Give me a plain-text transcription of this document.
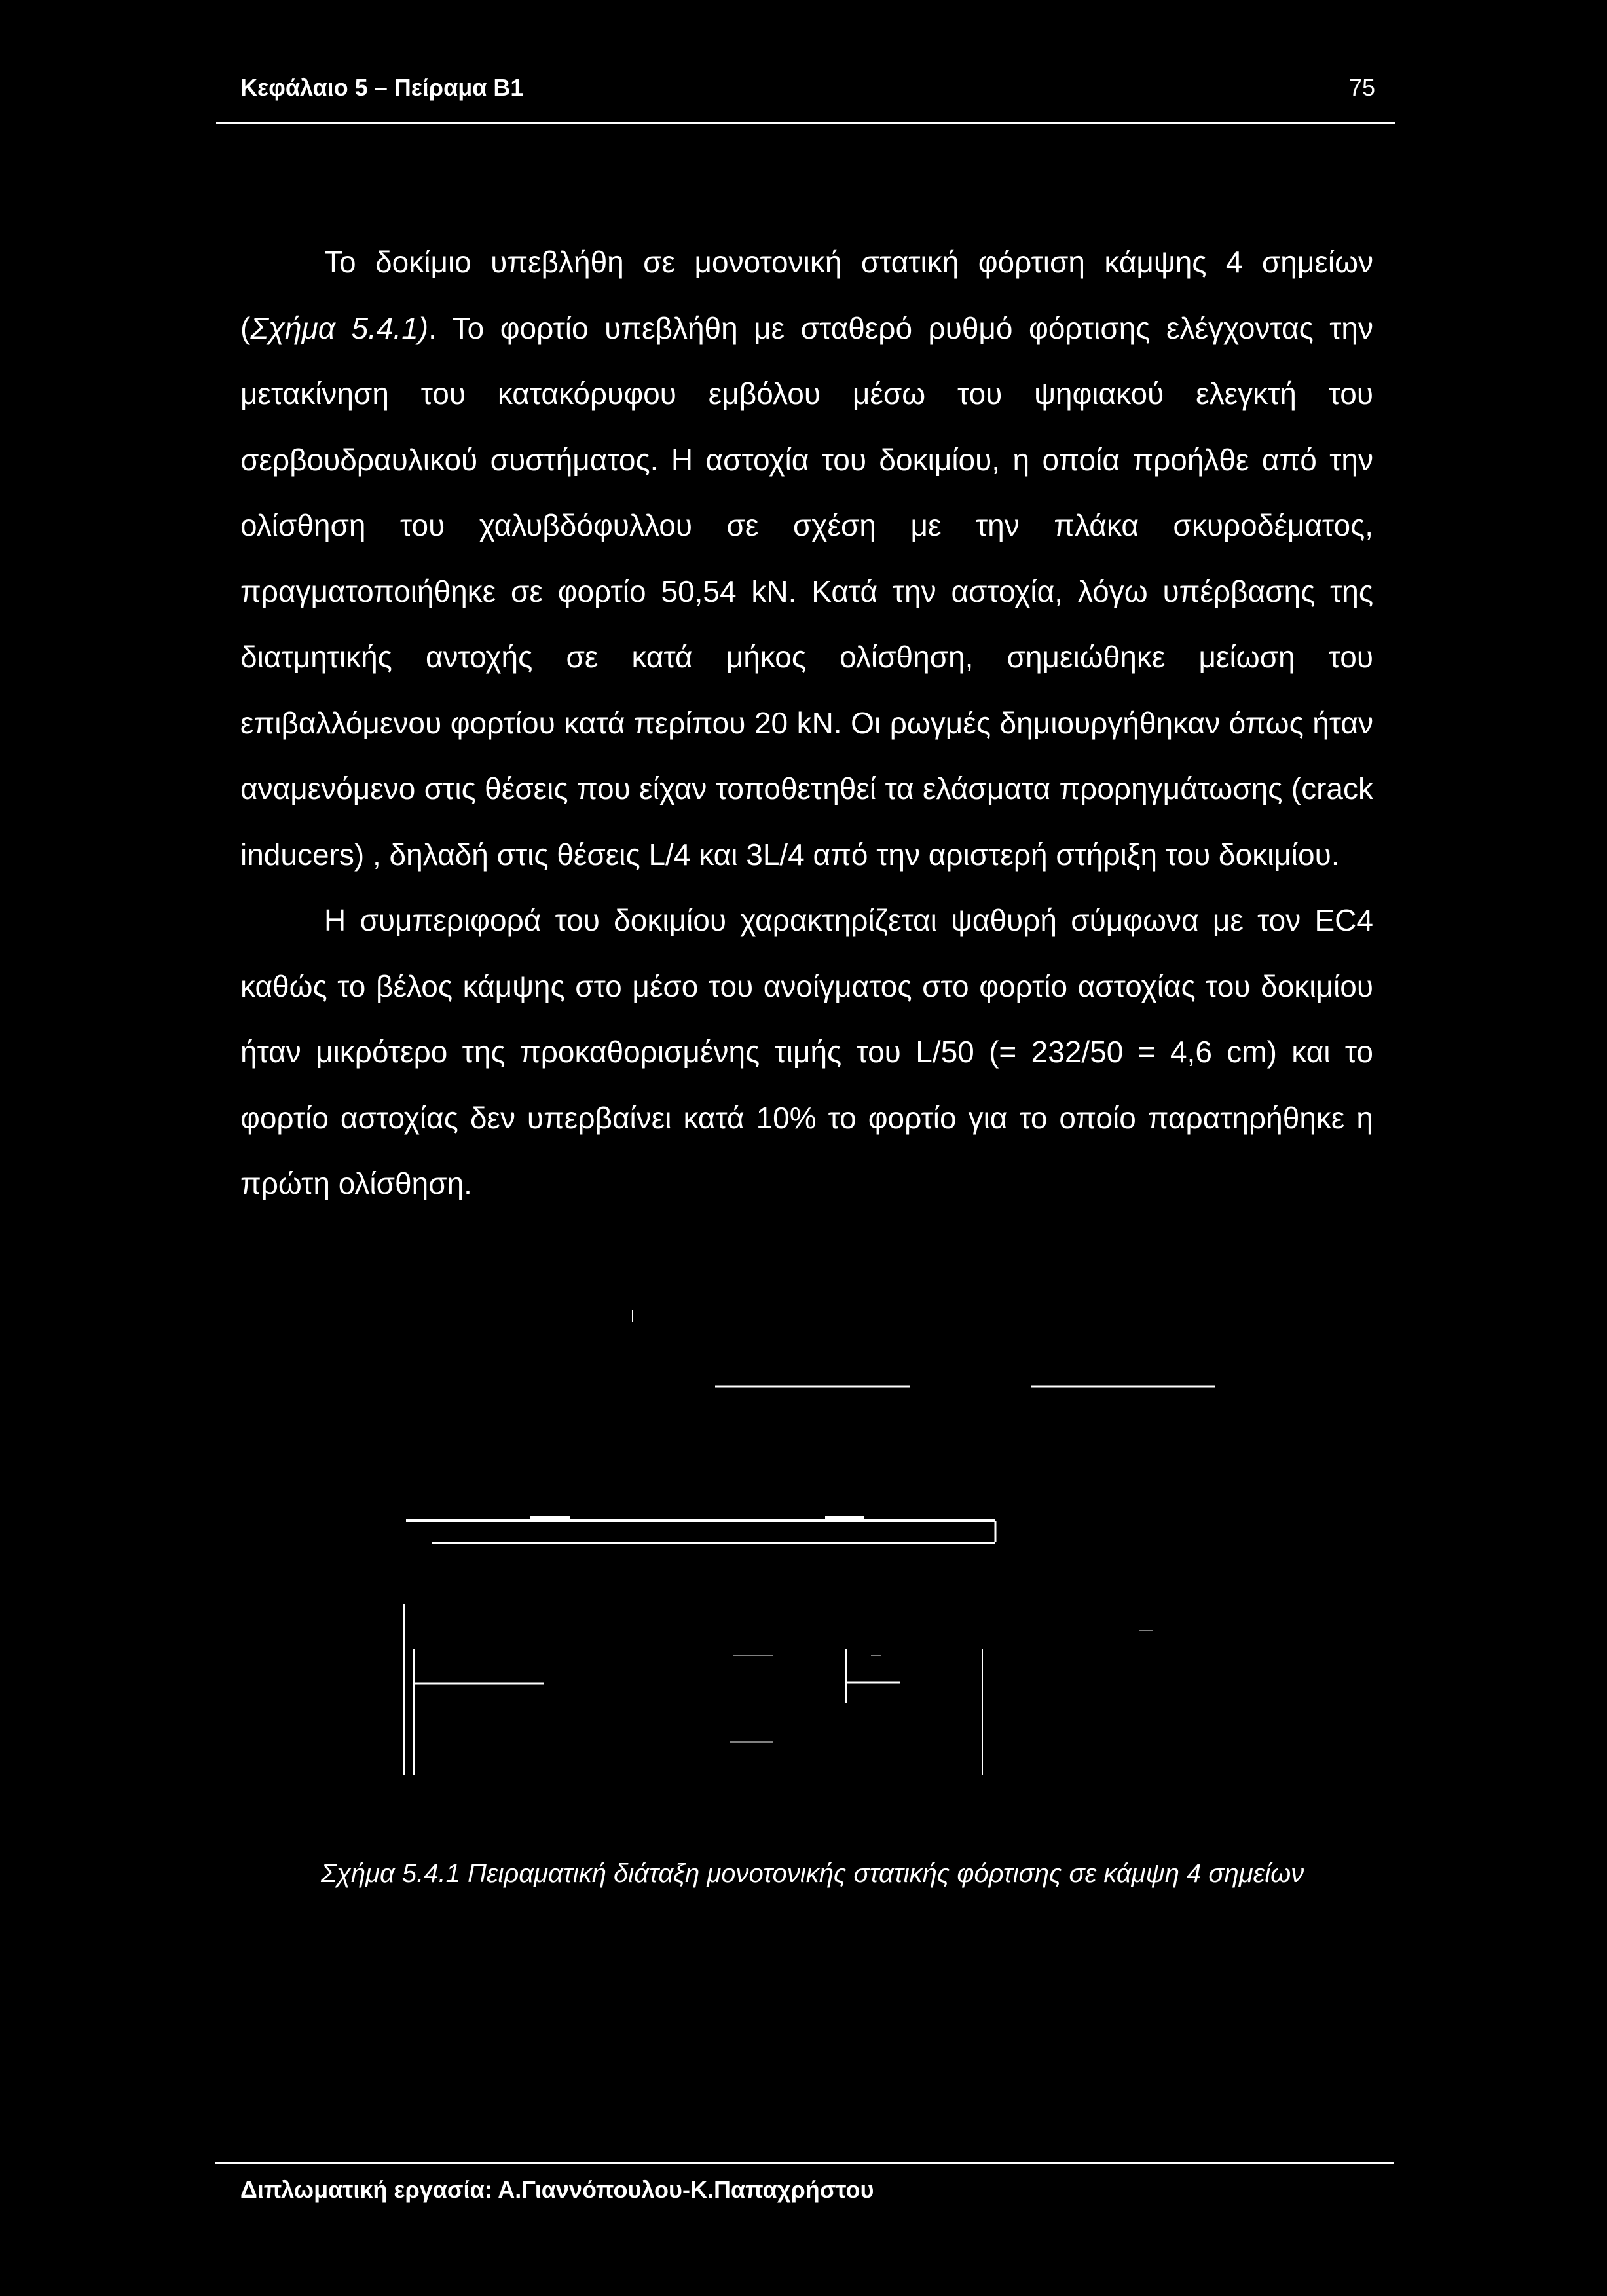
Κεφάλαιο 5 – Πείραμα Β1	75

Το δοκίμιο υπεβλήθη σε μονοτονική στατική φόρτιση κάμψης 4 σημείων (Σχήμα 5.4.1). Το φορτίο υπεβλήθη με σταθερό ρυθμό φόρτισης ελέγχοντας την μετακίνηση του κατακόρυφου εμβόλου μέσω του ψηφιακού ελεγκτή του σερβουδραυλικού συστήματος. Η αστοχία του δοκιμίου, η οποία προήλθε από την ολίσθηση του χαλυβδόφυλλου σε σχέση με την πλάκα σκυροδέματος, πραγματοποιήθηκε σε φορτίο 50,54 kN. Κατά την αστοχία, λόγω υπέρβασης της διατμητικής αντοχής σε κατά μήκος ολίσθηση, σημειώθηκε μείωση του επιβαλλόμενου φορτίου κατά περίπου 20 kN. Οι ρωγμές δημιουργήθηκαν όπως ήταν αναμενόμενο στις θέσεις που είχαν τοποθετηθεί τα ελάσματα προρηγμάτωσης (crack inducers) , δηλαδή στις θέσεις L/4 και 3L/4 από την αριστερή στήριξη του δοκιμίου.

Η συμπεριφορά του δοκιμίου χαρακτηρίζεται ψαθυρή σύμφωνα με τον EC4 καθώς το βέλος κάμψης στο μέσο του ανοίγματος στο φορτίο αστοχίας του δοκιμίου ήταν μικρότερο της προκαθορισμένης τιμής του L/50 (= 232/50 = 4,6 cm) και το φορτίο αστοχίας δεν υπερβαίνει κατά 10% το φορτίο για το οποίο παρατηρήθηκε η πρώτη ολίσθηση.

Σχήμα 5.4.1 Πειραματική διάταξη μονοτονικής στατικής φόρτισης σε κάμψη 4 σημείων
Διπλωματική εργασία: Α.Γιαννόπουλου-Κ.Παπαχρήστου
